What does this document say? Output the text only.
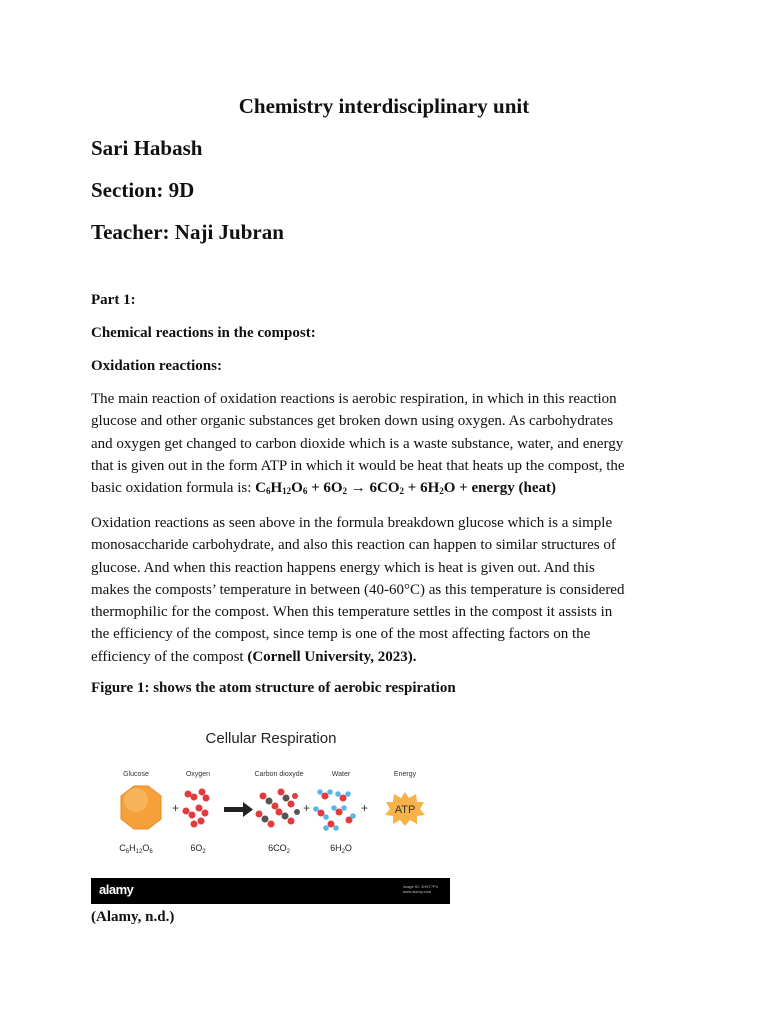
Chemistry interdisciplinary unit
Sari Habash
Section: 9D
Teacher: Naji Jubran
Part 1:
Chemical reactions in the compost:
Oxidation reactions:
The main reaction of oxidation reactions is aerobic respiration, in which in this reaction
glucose and other organic substances get broken down using oxygen. As carbohydrates
and oxygen get changed to carbon dioxide which is a waste substance, water, and energy
that is given out in the form ATP in which it would be heat that heats up the compost, the
basic oxidation formula is: $C_6H_{12}O_6 + 6O_2 \to 6CO_2 + 6H_2O$ + energy (heat)
Oxidation reactions as seen above in the formula breakdown glucose which is a simple
monosaccharide carbohydrate, and also this reaction can happen to similar structures of
glucose. And when this reaction happens energy which is heat is given out. And this
makes the composts’ temperature in between (40-60°C) as this temperature is considered
thermophilic for the compost. When this temperature settles in the compost it assists in
the efficiency of the compost, since temp is one of the most affecting factors on the
efficiency of the compost (Cornell University, 2023).
Figure 1: shows the atom structure of aerobic respiration
Cellular Respiration
Glucose	Oxygen	Carbon dioxyde	Water	Energy
+	+	+ ATP
$C_6H_{12}O_6$	$6O_2$	$6CO_2$	$6H_2O$
alamy	Image ID: 2H5T7P4
www.alamy.com
(Alamy, n.d.)
